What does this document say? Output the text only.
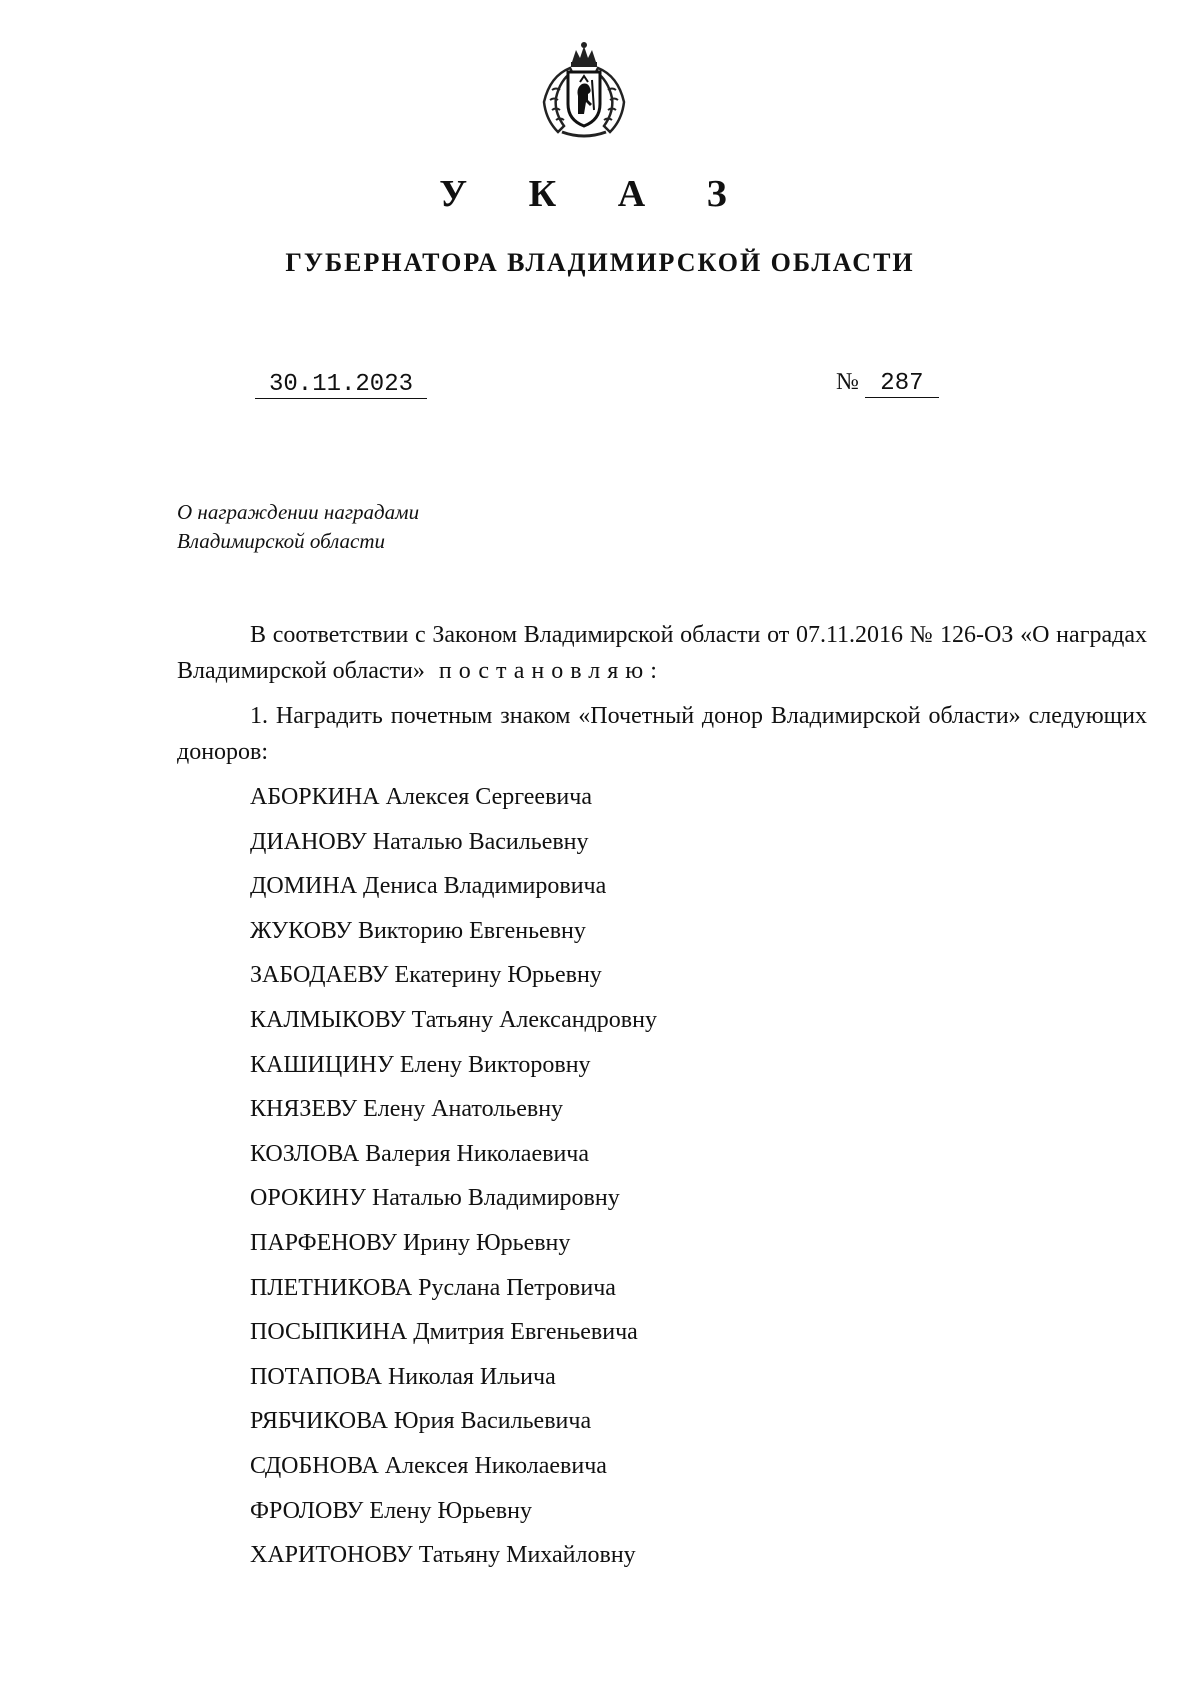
У К А З
ГУБЕРНАТОРА ВЛАДИМИРСКОЙ ОБЛАСТИ
30.11.2023	№ 287
О награждении наградами
Владимирской области

В соответствии с Законом Владимирской области от 07.11.2016 № 126-ОЗ «О наградах Владимирской области» постановляю:

1. Наградить почетным знаком «Почетный донор Владимирской области» следующих доноров:

АБОРКИНА Алексея Сергеевича
ДИАНОВУ Наталью Васильевну
ДОМИНА Дениса Владимировича
ЖУКОВУ Викторию Евгеньевну
ЗАБОДАЕВУ Екатерину Юрьевну
КАЛМЫКОВУ Татьяну Александровну
КАШИЦИНУ Елену Викторовну
КНЯЗЕВУ Елену Анатольевну
КОЗЛОВА Валерия Николаевича
ОРОКИНУ Наталью Владимировну
ПАРФЕНОВУ Ирину Юрьевну
ПЛЕТНИКОВА Руслана Петровича
ПОСЫПКИНА Дмитрия Евгеньевича
ПОТАПОВА Николая Ильича
РЯБЧИКОВА Юрия Васильевича
СДОБНОВА Алексея Николаевича
ФРОЛОВУ Елену Юрьевну
ХАРИТОНОВУ Татьяну Михайловну
